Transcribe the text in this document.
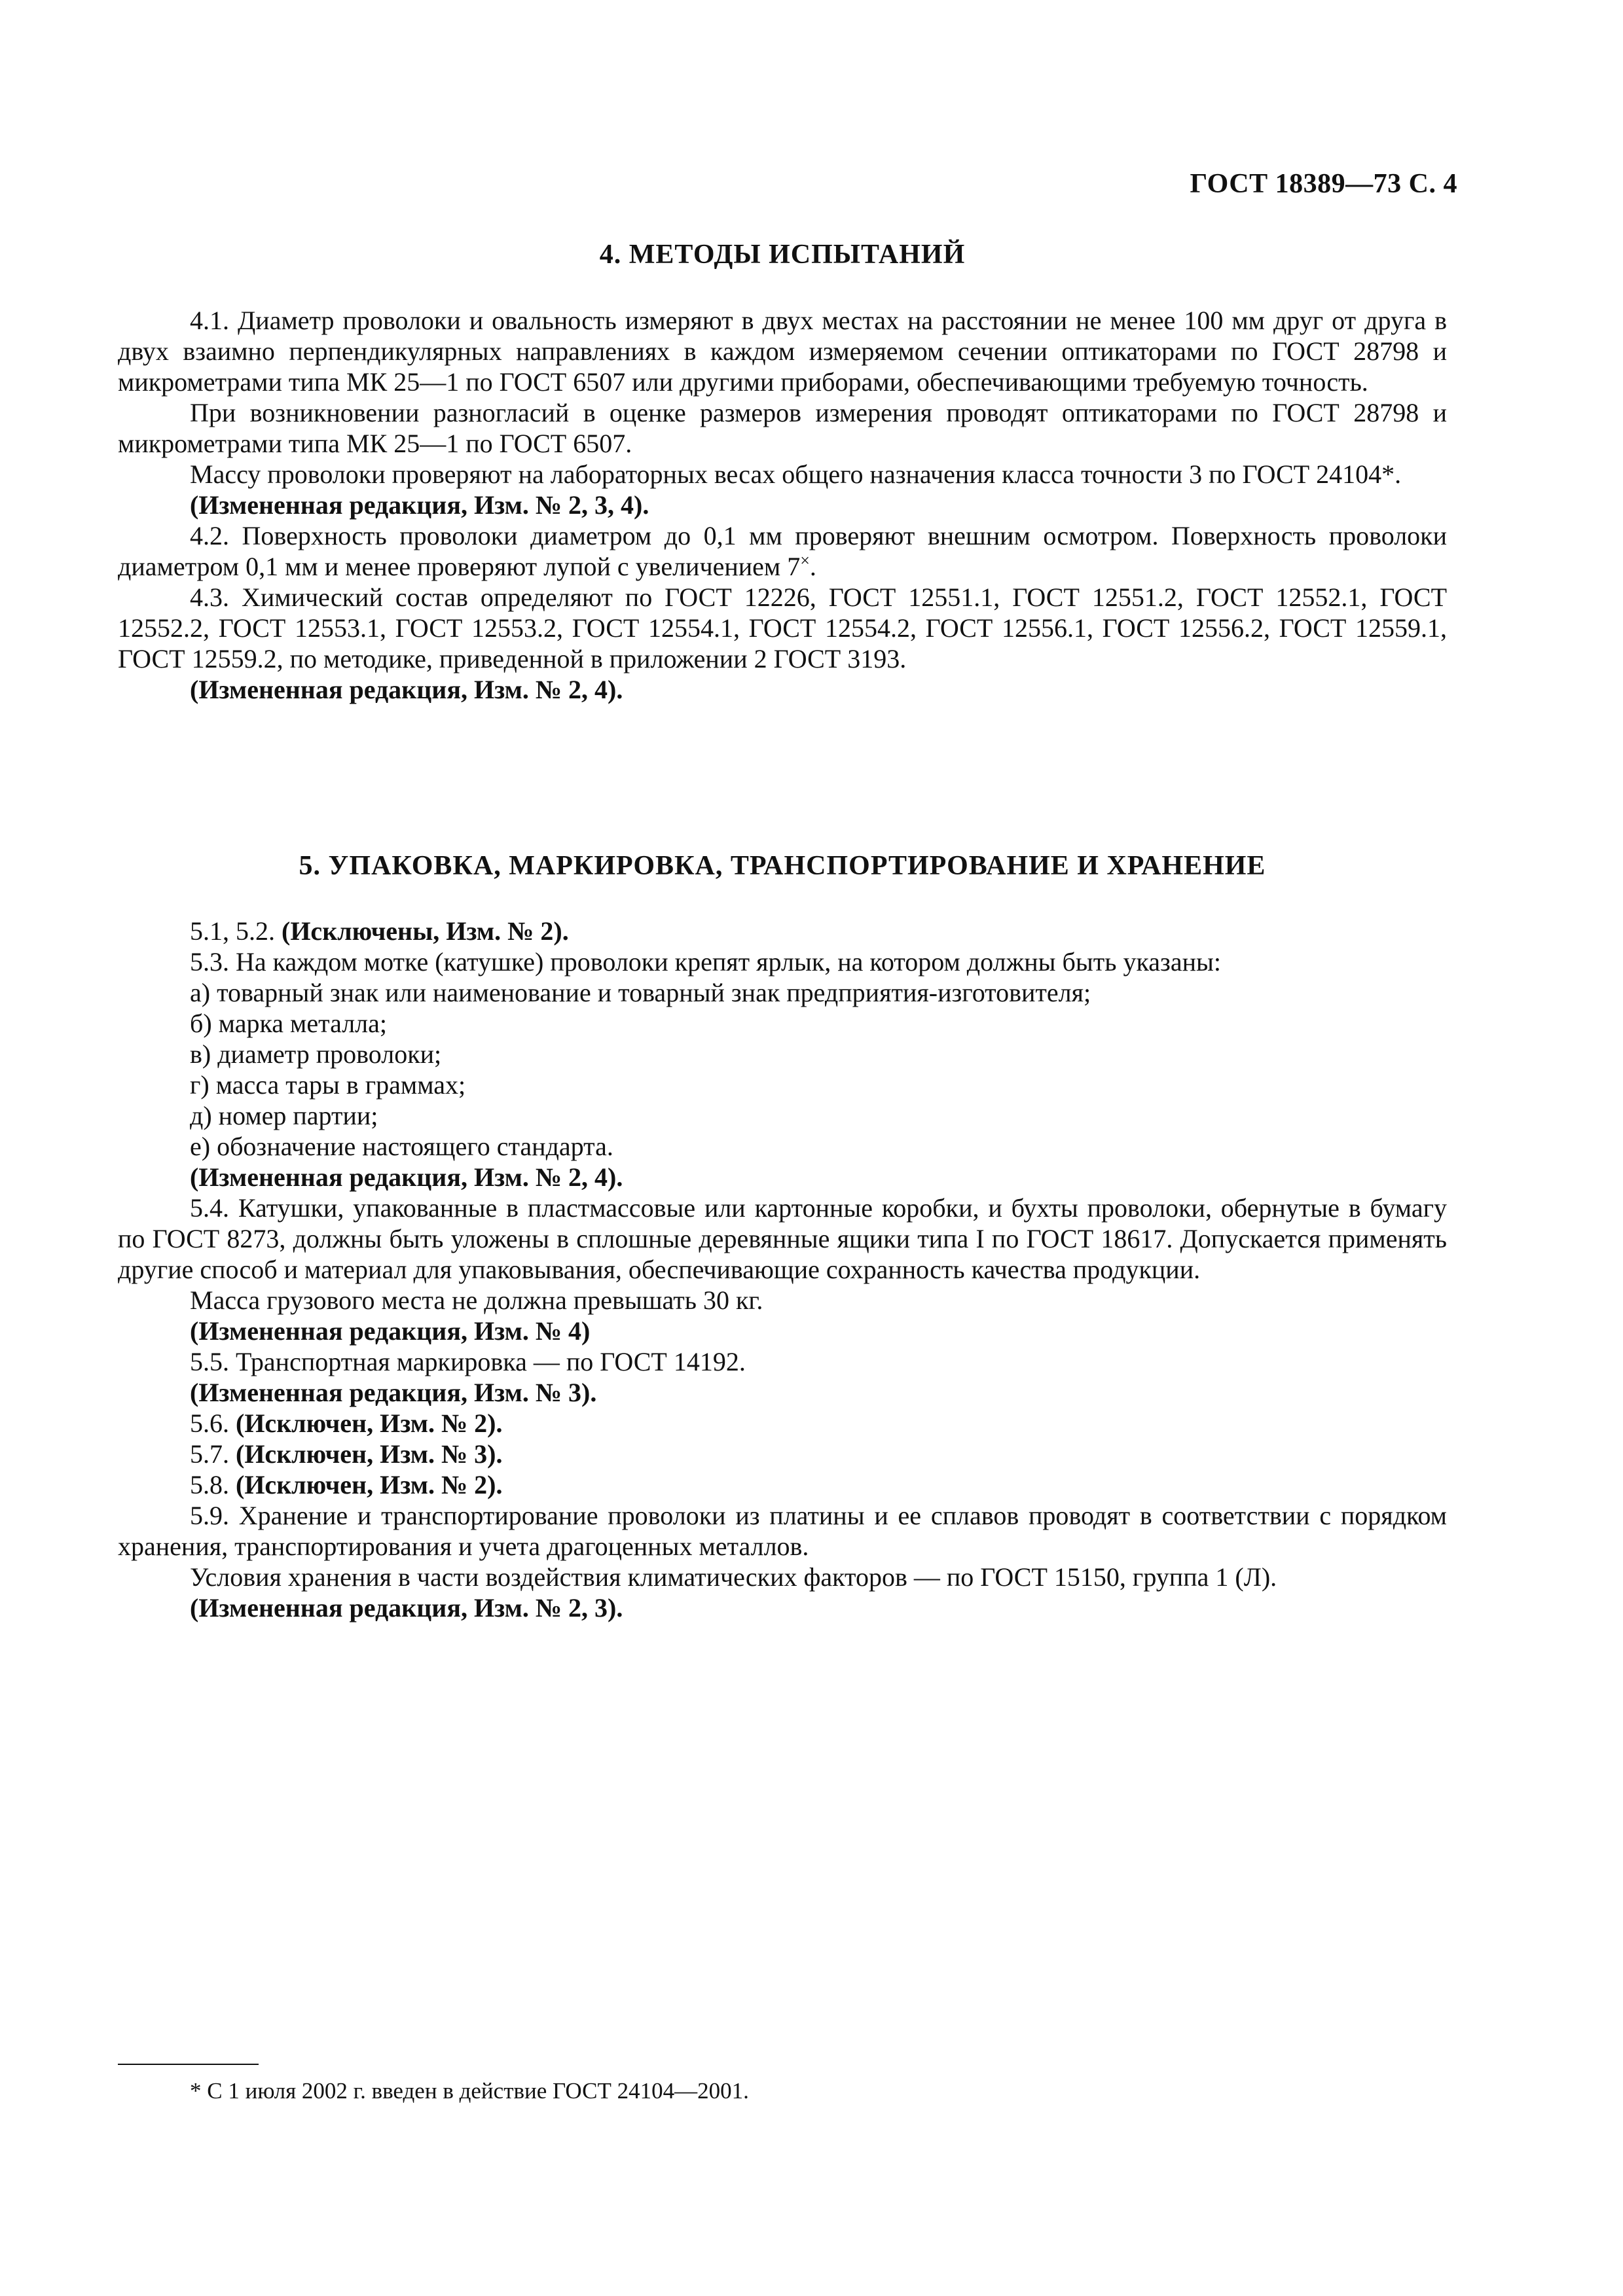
ГОСТ 18389—73 С. 4

4. МЕТОДЫ ИСПЫТАНИЙ

4.1. Диаметр проволоки и овальность измеряют в двух местах на расстоянии не менее 100 мм друг от друга в двух взаимно перпендикулярных направлениях в каждом измеряемом сечении оптикаторами по ГОСТ 28798 и микрометрами типа МК 25—1 по ГОСТ 6507 или другими приборами, обеспечивающими требуемую точность.

При возникновении разногласий в оценке размеров измерения проводят оптикаторами по ГОСТ 28798 и микрометрами типа МК 25—1 по ГОСТ 6507.

Массу проволоки проверяют на лабораторных весах общего назначения класса точности 3 по ГОСТ 24104*.

(Измененная редакция, Изм. № 2, 3, 4).

4.2. Поверхность проволоки диаметром до 0,1 мм проверяют внешним осмотром. Поверхность проволоки диаметром 0,1 мм и менее проверяют лупой с увеличением 7×.

4.3. Химический состав определяют по ГОСТ 12226, ГОСТ 12551.1, ГОСТ 12551.2, ГОСТ 12552.1, ГОСТ 12552.2, ГОСТ 12553.1, ГОСТ 12553.2, ГОСТ 12554.1, ГОСТ 12554.2, ГОСТ 12556.1, ГОСТ 12556.2, ГОСТ 12559.1, ГОСТ 12559.2, по методике, приведенной в приложении 2 ГОСТ 3193.

(Измененная редакция, Изм. № 2, 4).

5. УПАКОВКА, МАРКИРОВКА, ТРАНСПОРТИРОВАНИЕ И ХРАНЕНИЕ

5.1, 5.2. (Исключены, Изм. № 2).

5.3. На каждом мотке (катушке) проволоки крепят ярлык, на котором должны быть указаны:

а) товарный знак или наименование и товарный знак предприятия-изготовителя;

б) марка металла;

в) диаметр проволоки;

г) масса тары в граммах;

д) номер партии;

е) обозначение настоящего стандарта.

(Измененная редакция, Изм. № 2, 4).

5.4. Катушки, упакованные в пластмассовые или картонные коробки, и бухты проволоки, обернутые в бумагу по ГОСТ 8273, должны быть уложены в сплошные деревянные ящики типа I по ГОСТ 18617. Допускается применять другие способ и материал для упаковывания, обеспечивающие сохранность качества продукции.

Масса грузового места не должна превышать 30 кг.

(Измененная редакция, Изм. № 4)

5.5. Транспортная маркировка — по ГОСТ 14192.

(Измененная редакция, Изм. № 3).

5.6. (Исключен, Изм. № 2).

5.7. (Исключен, Изм. № 3).

5.8. (Исключен, Изм. № 2).

5.9. Хранение и транспортирование проволоки из платины и ее сплавов проводят в соответствии с порядком хранения, транспортирования и учета драгоценных металлов.

Условия хранения в части воздействия климатических факторов — по ГОСТ 15150, группа 1 (Л).

(Измененная редакция, Изм. № 2, 3).

* С 1 июля 2002 г. введен в действие ГОСТ 24104—2001.
